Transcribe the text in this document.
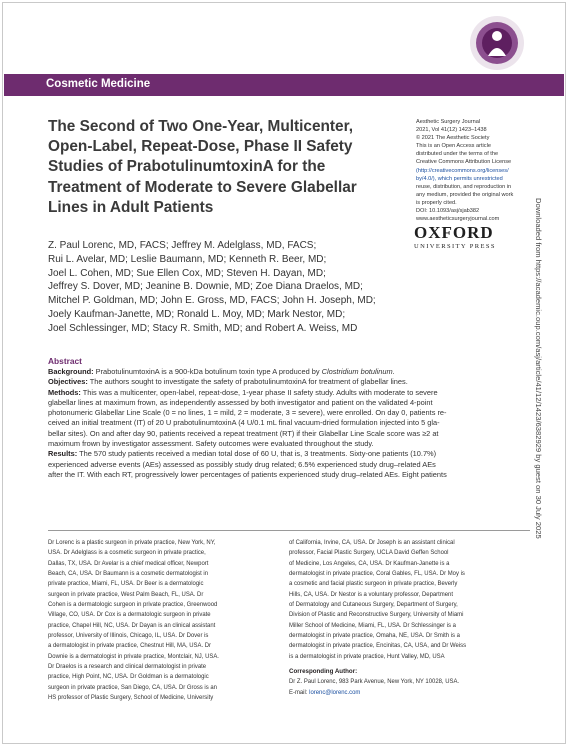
Cosmetic Medicine
The Second of Two One-Year, Multicenter,
Open-Label, Repeat-Dose, Phase II Safety
Studies of PrabotulinumtoxinA for the
Treatment of Moderate to Severe Glabellar
Lines in Adult Patients
Aesthetic Surgery Journal
2021, Vol 41(12) 1423–1438
© 2021 The Aesthetic Society
This is an Open Access article
distributed under the terms of the
Creative Commons Attribution License
(http://creativecommons.org/licenses/
by/4.0/), which permits unrestricted
reuse, distribution, and reproduction in
any medium, provided the original work
is properly cited.
DOI: 10.1093/asj/sjab382
www.aestheticsurgeryjournal.com
OXFORD
UNIVERSITY PRESS	Downloaded from https://academic.oup.com/asj/article/41/12/1423/6382929 by guest on 30 July 2025
Z. Paul Lorenc, MD, FACS; Jeffrey M. Adelglass, MD, FACS;
Rui L. Avelar, MD; Leslie Baumann, MD; Kenneth R. Beer, MD;
Joel L. Cohen, MD; Sue Ellen Cox, MD; Steven H. Dayan, MD;
Jeffrey S. Dover, MD; Jeanine B. Downie, MD; Zoe Diana Draelos, MD;
Mitchel P. Goldman, MD; John E. Gross, MD, FACS; John H. Joseph, MD;
Joely Kaufman-Janette, MD; Ronald L. Moy, MD; Mark Nestor, MD;
Joel Schlessinger, MD; Stacy R. Smith, MD; and Robert A. Weiss, MD
Abstract

Background: PrabotulinumtoxinA is a 900-kDa botulinum toxin type A produced by Clostridium botulinum.

Objectives: The authors sought to investigate the safety of prabotulinumtoxinA for treatment of glabellar lines.

Methods: This was a multicenter, open-label, repeat-dose, 1-year phase II safety study. Adults with moderate to severe
glabellar lines at maximum frown, as independently assessed by both investigator and patient on the validated 4-point
photonumeric Glabellar Line Scale (0 = no lines, 1 = mild, 2 = moderate, 3 = severe), were enrolled. On day 0, patients re-
ceived an initial treatment (IT) of 20 U prabotulinumtoxinA (4 U/0.1 mL final vacuum-dried formulation injected into 5 gla-
bellar sites). On and after day 90, patients received a repeat treatment (RT) if their Glabellar Line Scale score was ≥2 at
maximum frown by investigator assessment. Safety outcomes were evaluated throughout the study.

Results: The 570 study patients received a median total dose of 60 U, that is, 3 treatments. Sixty-one patients (10.7%)
experienced adverse events (AEs) assessed as possibly study drug related; 6.5% experienced study drug–related AEs
after the IT. With each RT, progressively lower percentages of patients experienced study drug–related AEs. Eight patients

Dr Lorenc is a plastic surgeon in private practice, New York, NY,
USA. Dr Adelglass is a cosmetic surgeon in private practice,
Dallas, TX, USA. Dr Avelar is a chief medical officer, Newport
Beach, CA, USA. Dr Baumann is a cosmetic dermatologist in
private practice, Miami, FL, USA. Dr Beer is a dermatologic
surgeon in private practice, West Palm Beach, FL, USA. Dr
Cohen is a dermatologic surgeon in private practice, Greenwood
Village, CO, USA. Dr Cox is a dermatologic surgeon in private
practice, Chapel Hill, NC, USA. Dr Dayan is an clinical assistant
professor, University of Illinois, Chicago, IL, USA. Dr Dover is
a dermatologist in private practice, Chestnut Hill, MA, USA. Dr
Downie is a dermatologist in private practice, Montclair, NJ, USA.
Dr Draelos is a research and clinical dermatologist in private
practice, High Point, NC, USA. Dr Goldman is a dermatologic
surgeon in private practice, San Diego, CA, USA. Dr Gross is an
HS professor of Plastic Surgery, School of Medicine, University
of California, Irvine, CA, USA. Dr Joseph is an assistant clinical
professor, Facial Plastic Surgery, UCLA David Geffen School
of Medicine, Los Angeles, CA, USA. Dr Kaufman-Janette is a
dermatologist in private practice, Coral Gables, FL, USA. Dr Moy is
a cosmetic and facial plastic surgeon in private practice, Beverly
Hills, CA, USA. Dr Nestor is a voluntary professor, Department
of Dermatology and Cutaneous Surgery, Department of Surgery,
Division of Plastic and Reconstructive Surgery, University of Miami
Miller School of Medicine, Miami, FL, USA. Dr Schlessinger is a
dermatologist in private practice, Omaha, NE, USA. Dr Smith is a
dermatologist in private practice, Encinitas, CA, USA, and Dr Weiss
is a dermatologist in private practice, Hunt Valley, MD, USA
Corresponding Author:
Dr Z. Paul Lorenc, 983 Park Avenue, New York, NY 10028, USA.
E-mail: lorenc@lorenc.com
